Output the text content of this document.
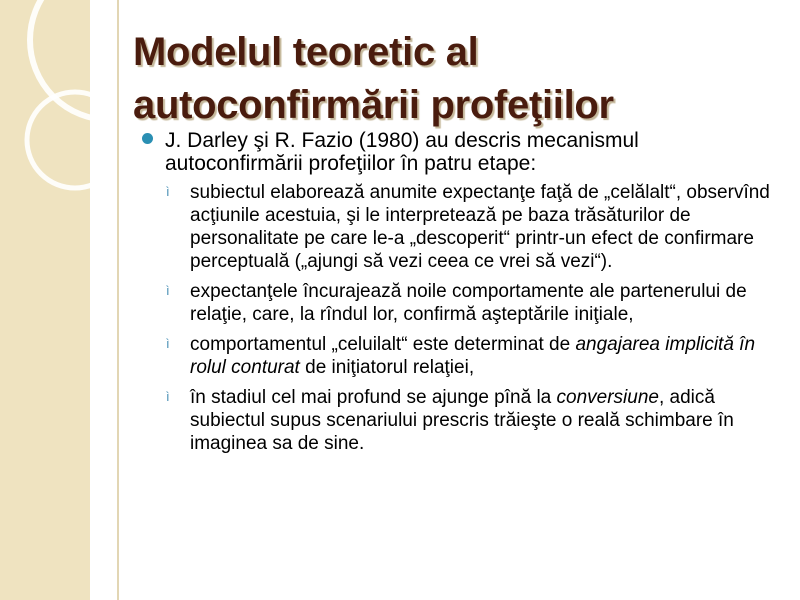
Modelul teoretic al
autoconfirmării profeţiilor
J. Darley şi R. Fazio (1980) au descris mecanismul autoconfirmării profeţiilor în patru etape:
ì subiectul elaborează anumite expectanţe faţă de „celălalt“, observînd acţiunile acestuia, şi le interpretează pe baza trăsăturilor de personalitate pe care le-a „descoperit“ printr-un efect de confirmare perceptuală („ajungi să vezi ceea ce vrei să vezi“).
ì expectanţele încurajează noile comportamente ale partenerului de relaţie, care, la rîndul lor, confirmă aşteptările iniţiale,
ì comportamentul „celuilalt“ este determinat de angajarea implicită în rolul conturat de iniţiatorul relaţiei,
ì în stadiul cel mai profund se ajunge pînă la conversiune, adică subiectul supus scenariului prescris trăieşte o reală schimbare în imaginea sa de sine.
